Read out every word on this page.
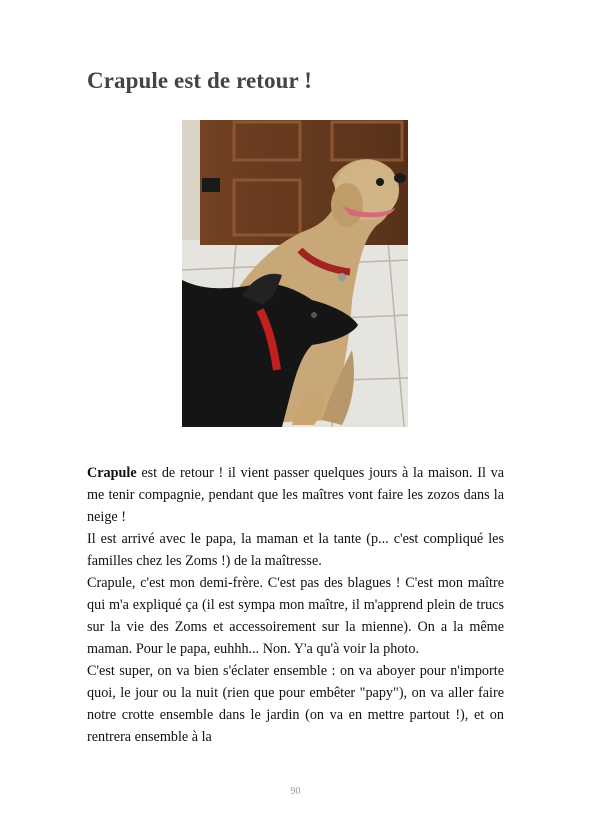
Crapule est de retour !

Crapule est de retour ! il vient passer quelques jours à la maison. Il va me tenir compagnie, pendant que les maîtres vont faire les zozos dans la neige !

Il est arrivé avec le papa, la maman et la tante (p... c'est compliqué les familles chez les Zoms !) de la maîtresse.

Crapule, c'est mon demi-frère. C'est pas des blagues ! C'est mon maître qui m'a expliqué ça (il est sympa mon maître, il m'apprend plein de trucs sur la vie des Zoms et accessoirement sur la mienne). On a la même maman. Pour le papa, euhhh... Non. Y'a qu'à voir la photo.

C'est super, on va bien s'éclater ensemble : on va aboyer pour n'importe quoi, le jour ou la nuit (rien que pour embêter "papy"), on va aller faire notre crotte ensemble dans le jardin (on va en mettre partout !), et on rentrera ensemble à la

90
